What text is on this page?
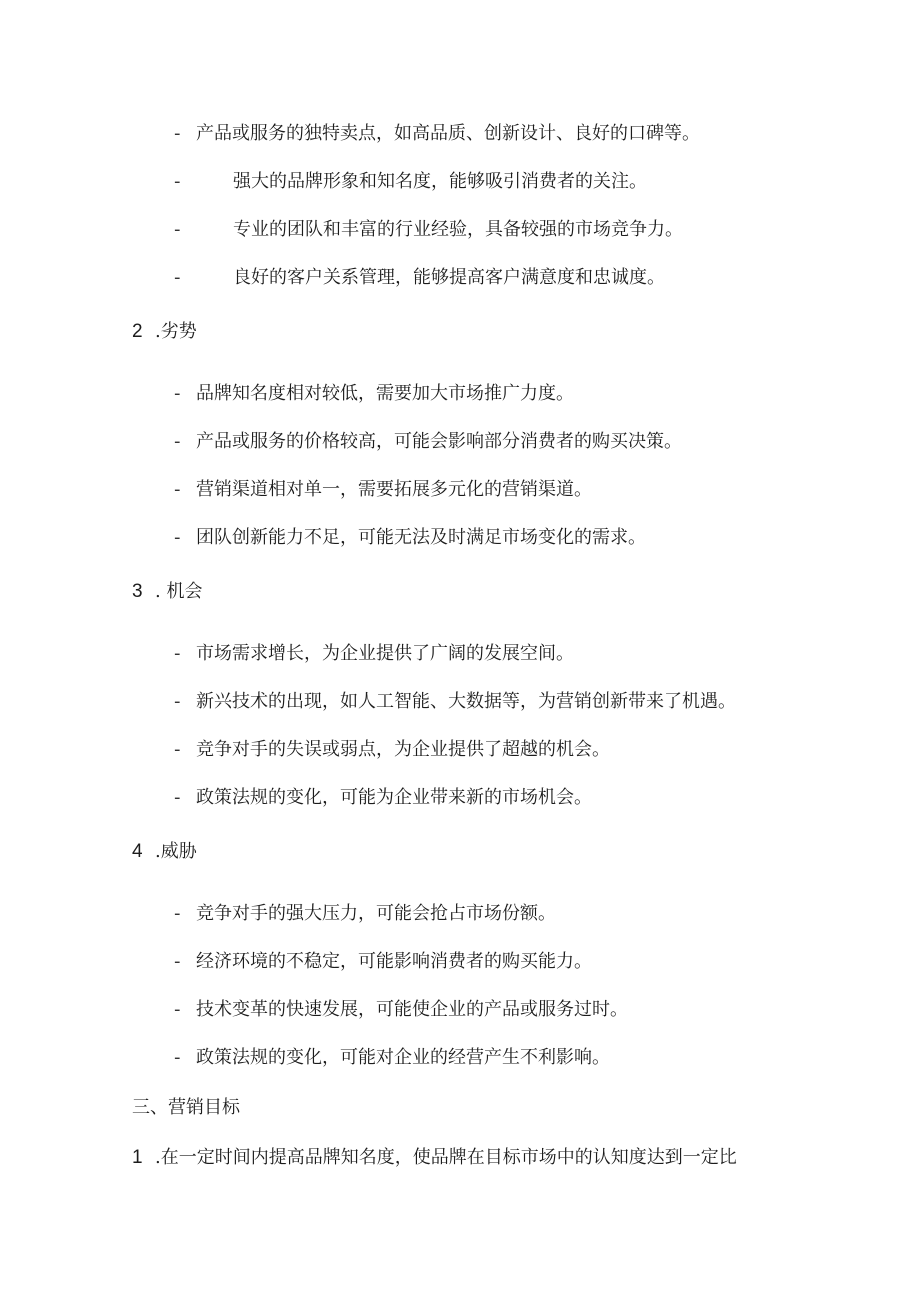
- 产品或服务的独特卖点，如高品质、创新设计、良好的口碑等。
-	强大的品牌形象和知名度，能够吸引消费者的关注。
-	专业的团队和丰富的行业经验，具备较强的市场竞争力。
-	良好的客户关系管理，能够提高客户满意度和忠诚度。
2 .劣势
- 品牌知名度相对较低，需要加大市场推广力度。
- 产品或服务的价格较高，可能会影响部分消费者的购买决策。
- 营销渠道相对单一，需要拓展多元化的营销渠道。
- 团队创新能力不足，可能无法及时满足市场变化的需求。
3 . 机会
- 市场需求增长，为企业提供了广阔的发展空间。
- 新兴技术的出现，如人工智能、大数据等，为营销创新带来了机遇。
- 竞争对手的失误或弱点，为企业提供了超越的机会。
- 政策法规的变化，可能为企业带来新的市场机会。
4 .威胁
- 竞争对手的强大压力，可能会抢占市场份额。
- 经济环境的不稳定，可能影响消费者的购买能力。
- 技术变革的快速发展，可能使企业的产品或服务过时。
- 政策法规的变化，可能对企业的经营产生不利影响。
三、营销目标
1 .在一定时间内提高品牌知名度，使品牌在目标市场中的认知度达到一定比
